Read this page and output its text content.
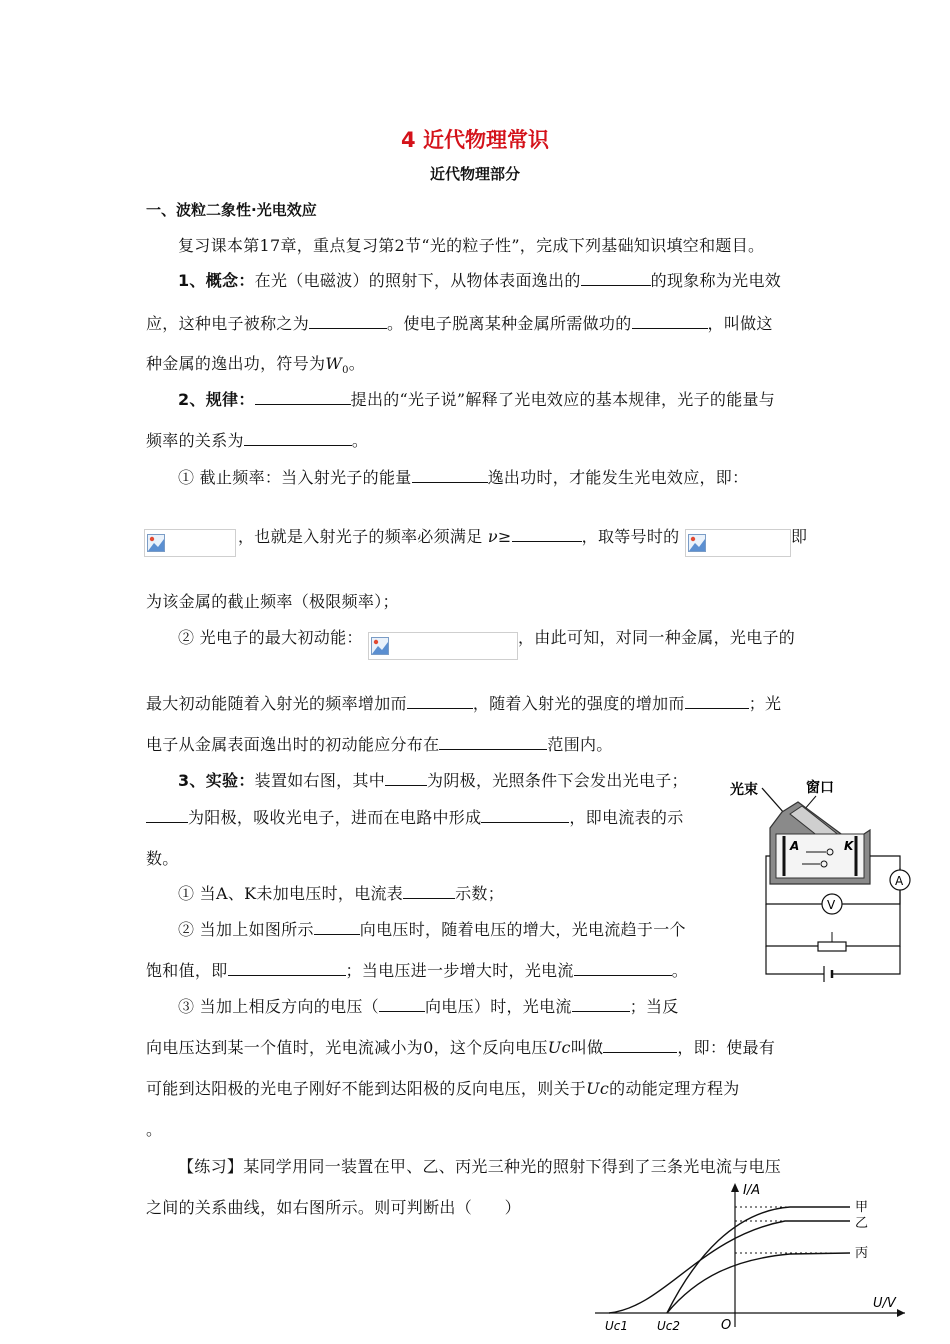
4 近代物理常识
近代物理部分
一、波粒二象性·光电效应
复习课本第17章，重点复习第2节“光的粒子性”，完成下列基础知识填空和题目。
1、概念：在光（电磁波）的照射下，从物体表面逸出的	的现象称为光电效
应，这种电子被称之为	。使电子脱离某种金属所需做功的	，叫做这
种金属的逸出功，符号为$W_0$。
2、规律：	提出的“光子说”解释了光电效应的基本规律，光子的能量与
频率的关系为	。
① 截止频率：当入射光子的能量	逸出功时，才能发生光电效应，即：
，也就是入射光子的频率必须满足 ν≥	，取等号时的	即
为该金属的截止频率（极限频率）；
② 光电子的最大初动能：	，由此可知，对同一种金属，光电子的
最大初动能随着入射光的频率增加而	，随着入射光的强度的增加而	；光
电子从金属表面逸出时的初动能应分布在	范围内。
3、实验：装置如右图，其中	为阴极，光照条件下会发出光电子；
为阳极，吸收光电子，进而在电路中形成	，即电流表的示
数。
① 当A、K未加电压时，电流表	示数；
② 当加上如图所示	向电压时，随着电压的增大，光电流趋于一个
饱和值，即	；当电压进一步增大时，光电流	。
③ 当加上相反方向的电压（	向电压）时，光电流	；当反
向电压达到某一个值时，光电流减小为0，这个反向电压Uc叫做	，即：使最有
可能到达阳极的光电子刚好不能到达阳极的反向电压，则关于Uc的动能定理方程为
。
【练习】某同学用同一装置在甲、乙、丙光三种光的照射下得到了三条光电流与电压
之间的关系曲线，如右图所示。则可判断出（　　）
光束	窗口
A	K
A
V
I/A
U/V
O
Uc1 Uc2
甲
乙
丙
